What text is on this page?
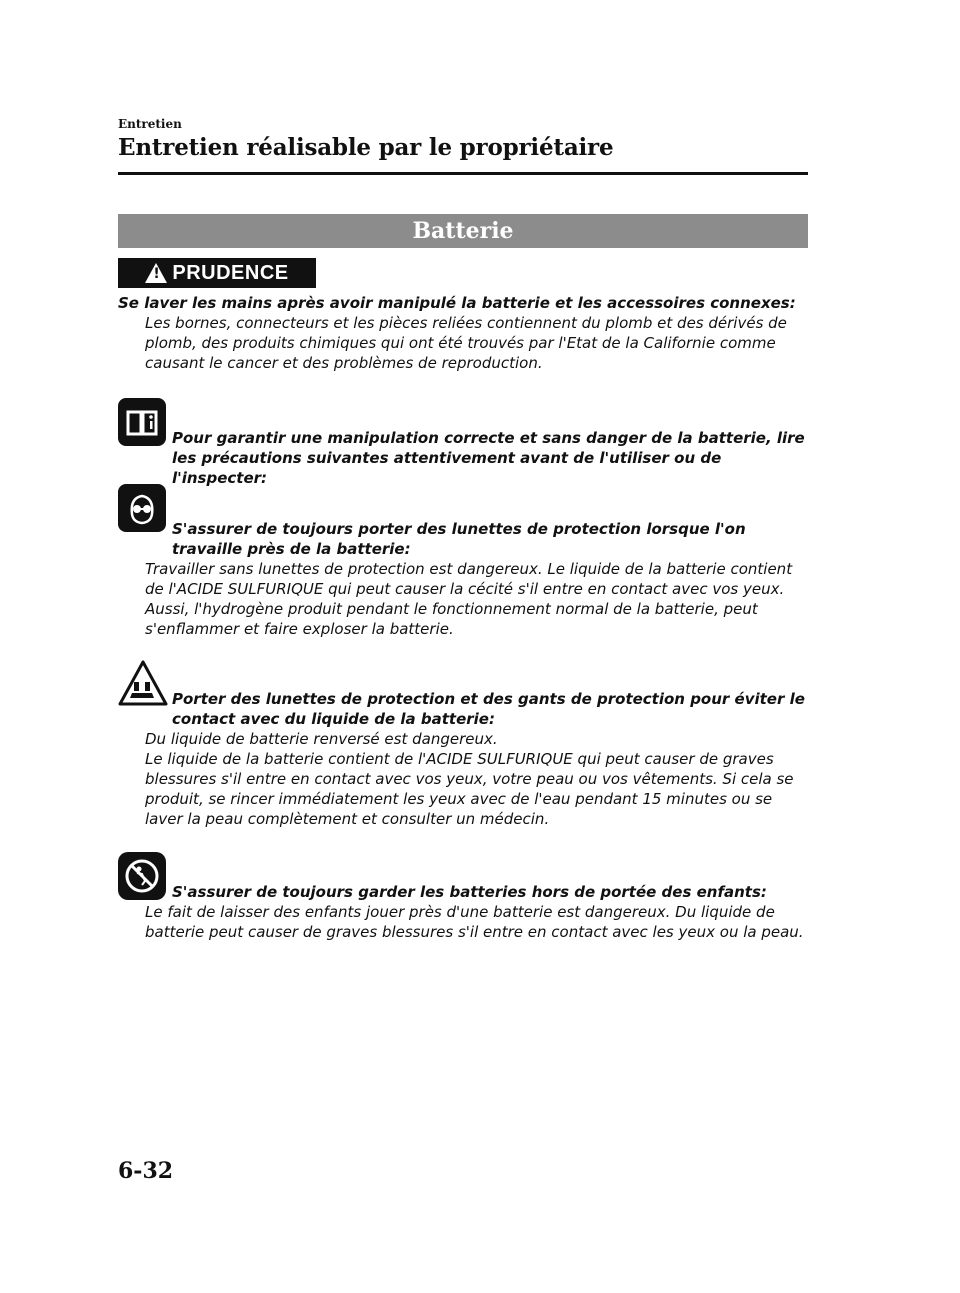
Entretien
Entretien réalisable par le propriétaire
Batterie
!
PRUDENCE
Se laver les mains après avoir manipulé la batterie et les accessoires connexes:

Les bornes, connecteurs et les pièces reliées contiennent du plomb et des dérivés de plomb, des produits chimiques qui ont été trouvés par l'Etat de la Californie comme causant le cancer et des problèmes de reproduction.

Pour garantir une manipulation correcte et sans danger de la batterie, lire les précautions suivantes attentivement avant de l'utiliser ou de l'inspecter:
S'assurer de toujours porter des lunettes de protection lorsque l'on travaille près de la batterie:

Travailler sans lunettes de protection est dangereux. Le liquide de la batterie contient de l'ACIDE SULFURIQUE qui peut causer la cécité s'il entre en contact avec vos yeux. Aussi, l'hydrogène produit pendant le fonctionnement normal de la batterie, peut s'enflammer et faire exploser la batterie.

Porter des lunettes de protection et des gants de protection pour éviter le contact avec du liquide de la batterie:

Du liquide de batterie renversé est dangereux.

Le liquide de la batterie contient de l'ACIDE SULFURIQUE qui peut causer de graves blessures s'il entre en contact avec vos yeux, votre peau ou vos vêtements. Si cela se produit, se rincer immédiatement les yeux avec de l'eau pendant 15 minutes ou se laver la peau complètement et consulter un médecin.

S'assurer de toujours garder les batteries hors de portée des enfants:

Le fait de laisser des enfants jouer près d'une batterie est dangereux. Du liquide de batterie peut causer de graves blessures s'il entre en contact avec les yeux ou la peau.

6-32
